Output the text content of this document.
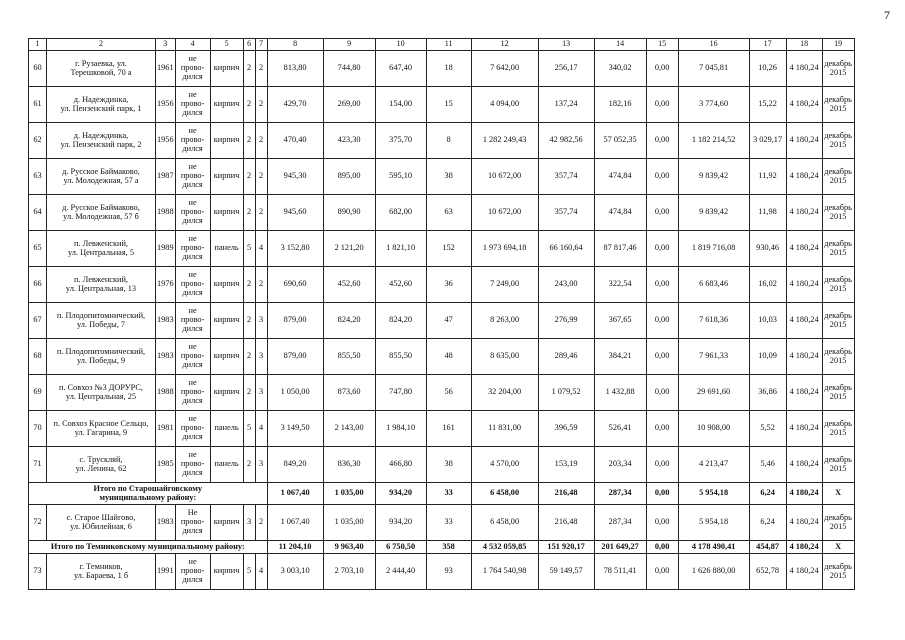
7
1	2	3	4	5	6	7	8	9	10	11	12	13	14	15	16	17	18	19
60	г. Рузаевка, ул.
Терешковой, 70 а	1961	не
прово-
дился	кирпич	2	2	813,80	744,80	647,40	18	7 642,00	256,17	340,02	0,00	7 045,81	10,26	4 180,24	декабрь
2015
61	д. Надеждинка,
ул. Пензенский парк, 1	1956	не
прово-
дился	кирпич	2	2	429,70	269,00	154,00	15	4 094,00	137,24	182,16	0,00	3 774,60	15,22	4 180,24	декабрь
2015
62	д. Надеждинка,
ул. Пензенский парк, 2	1956	не
прово-
дился	кирпич	2	2	470,40	423,30	375,70	8	1 282 249,43	42 982,56	57 052,35	0,00	1 182 214,52	3 029,17	4 180,24	декабрь
2015
63	д. Русское Баймаково,
ул. Молодежная, 57 а	1987	не
прово-
дился	кирпич	2	2	945,30	895,00	595,10	38	10 672,00	357,74	474,84	0,00	9 839,42	11,92	4 180,24	декабрь
2015
64	д. Русское Баймаково,
ул. Молодежная, 57 б	1988	не
прово-
дился	кирпич	2	2	945,60	890,90	682,00	63	10 672,00	357,74	474,84	0,00	9 839,42	11,98	4 180,24	декабрь
2015
65	п. Левженский,
ул. Центральная, 5	1989	не
прово-
дился	панель	5	4	3 152,80	2 121,20	1 821,10	152	1 973 694,18	66 160,64	87 817,46	0,00	1 819 716,08	930,46	4 180,24	декабрь
2015
66	п. Левженский,
ул. Центральная, 13	1976	не
прово-
дился	кирпич	2	2	690,60	452,60	452,60	36	7 249,00	243,00	322,54	0,00	6 683,46	16,02	4 180,24	декабрь
2015
67	п. Плодопитомнический,
ул. Победы, 7	1983	не
прово-
дился	кирпич	2	3	879,00	824,20	824,20	47	8 263,00	276,99	367,65	0,00	7 618,36	10,03	4 180,24	декабрь
2015
68	п. Плодопитомнический,
ул. Победы, 9	1983	не
прово-
дился	кирпич	2	3	879,00	855,50	855,50	48	8 635,00	289,46	384,21	0,00	7 961,33	10,09	4 180,24	декабрь
2015
69	п. Совхоз №3 ДОРУРС,
ул. Центральная, 25	1988	не
прово-
дился	кирпич	2	3	1 050,00	873,60	747,80	56	32 204,00	1 079,52	1 432,88	0,00	29 691,60	36,86	4 180,24	декабрь
2015
70	п. Совхоз Красное Сельцо,
ул. Гагарина, 9	1981	не
прово-
дился	панель	5	4	3 149,50	2 143,00	1 984,10	161	11 831,00	396,59	526,41	0,00	10 908,00	5,52	4 180,24	декабрь
2015
71	с. Трускляй,
ул. Ленина, 62	1985	не
прово-
дился	панель	2	3	849,20	836,30	466,80	38	4 570,00	153,19	203,34	0,00	4 213,47	5,46	4 180,24	декабрь
2015
Итого по Старошайговскому
муниципальному району:							1 067,40	1 035,00	934,20	33	6 458,00	216,48	287,34	0,00	5 954,18	6,24	4 180,24	Х
72	с. Старое Шайгово,
ул. Юбилейная, 6	1983	Не
прово-
дился	кирпич	3	2	1 067,40	1 035,00	934,20	33	6 458,00	216,48	287,34	0,00	5 954,18	6,24	4 180,24	декабрь
2015
Итого по Темниковскому муниципальному району:							11 204,10	9 963,40	6 750,50	358	4 532 059,85	151 920,17	201 649,27	0,00	4 178 490,41	454,87	4 180,24	Х
73	г. Темников,
ул. Бараева, 1 б	1991	не
прово-
дился	кирпич	5	4	3 003,10	2 703,10	2 444,40	93	1 764 540,98	59 149,57	78 511,41	0,00	1 626 880,00	652,78	4 180,24	декабрь
2015
